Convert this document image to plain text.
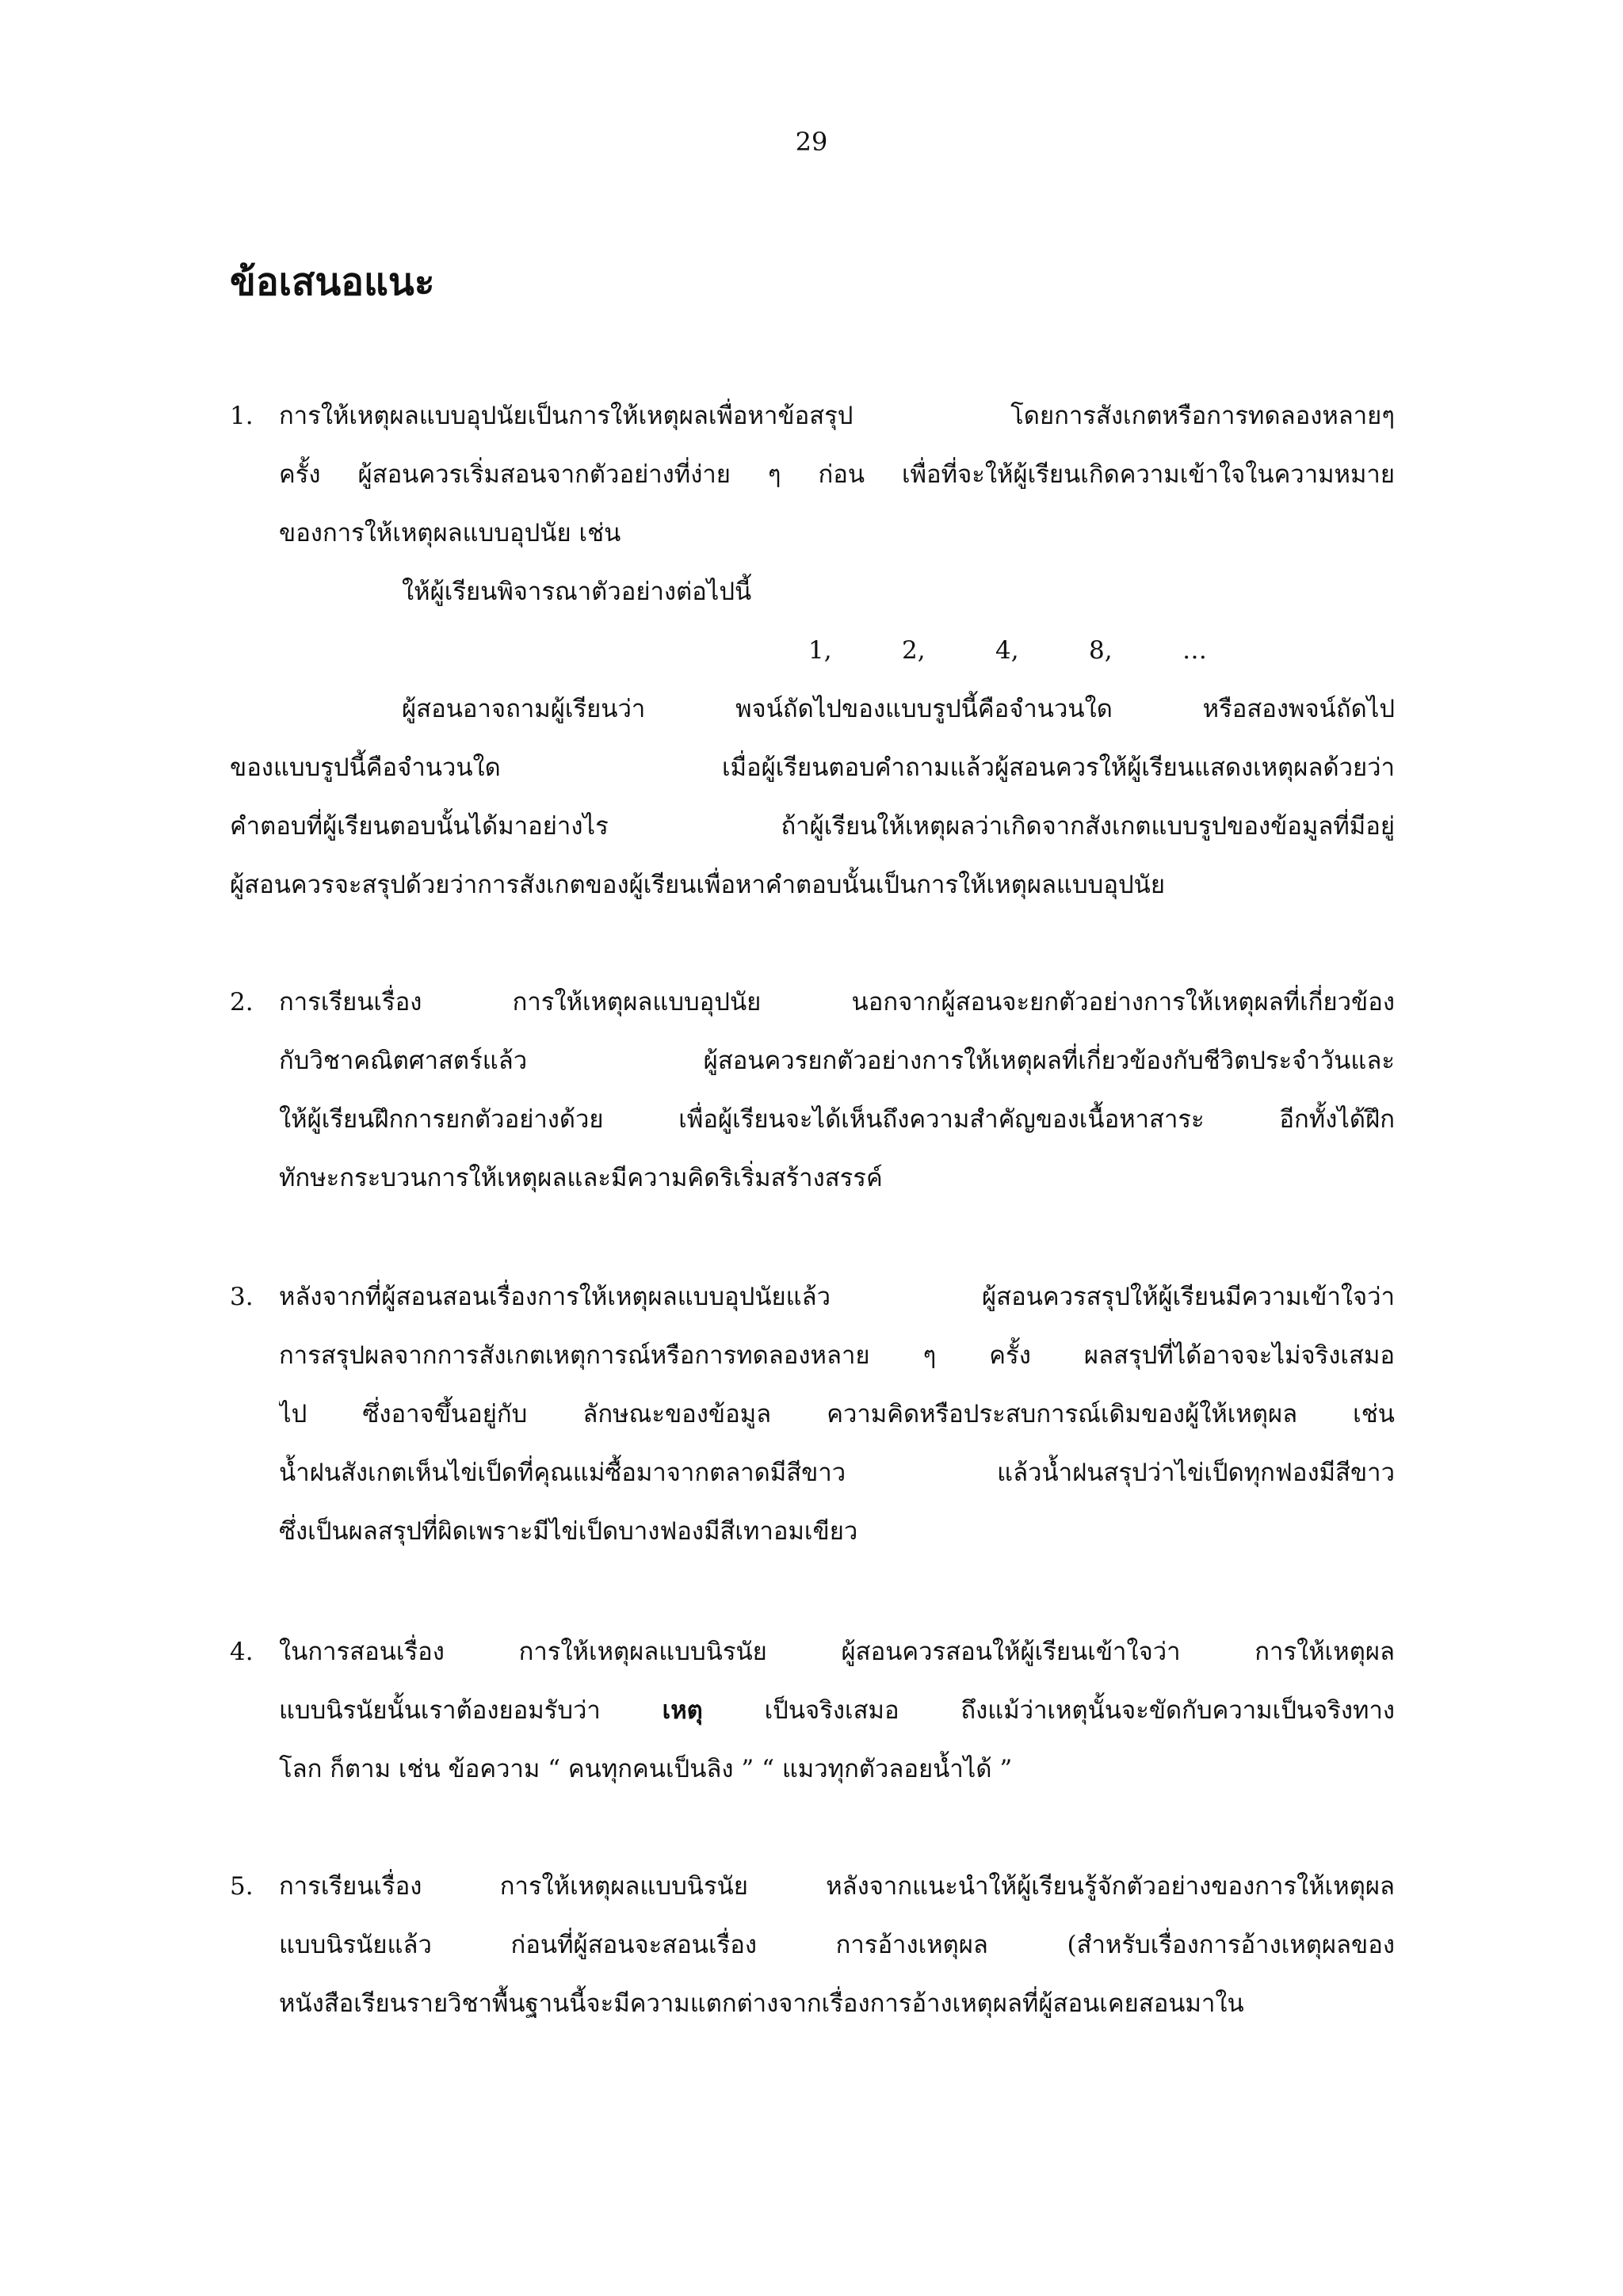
29
ข้อเสนอแนะ
1. การให้เหตุผลแบบอุปนัยเป็นการให้เหตุผลเพื่อหาข้อสรุป โดยการสังเกตหรือการทดลองหลายๆ
ครั้ง ผู้สอนควรเริ่มสอนจากตัวอย่างที่ง่าย ๆ ก่อน เพื่อที่จะให้ผู้เรียนเกิดความเข้าใจในความหมาย
ของการให้เหตุผลแบบอุปนัย เช่น
ให้ผู้เรียนพิจารณาตัวอย่างต่อไปนี้
1,	2,	4,	8,	…
ผู้สอนอาจถามผู้เรียนว่า พจน์ถัดไปของแบบรูปนี้คือจำนวนใด หรือสองพจน์ถัดไป
ของแบบรูปนี้คือจำนวนใด เมื่อผู้เรียนตอบคำถามแล้วผู้สอนควรให้ผู้เรียนแสดงเหตุผลด้วยว่า
คำตอบที่ผู้เรียนตอบนั้นได้มาอย่างไร ถ้าผู้เรียนให้เหตุผลว่าเกิดจากสังเกตแบบรูปของข้อมูลที่มีอยู่
ผู้สอนควรจะสรุปด้วยว่าการสังเกตของผู้เรียนเพื่อหาคำตอบนั้นเป็นการให้เหตุผลแบบอุปนัย
2. การเรียนเรื่อง การให้เหตุผลแบบอุปนัย นอกจากผู้สอนจะยกตัวอย่างการให้เหตุผลที่เกี่ยวข้อง
กับวิชาคณิตศาสตร์แล้ว ผู้สอนควรยกตัวอย่างการให้เหตุผลที่เกี่ยวข้องกับชีวิตประจำวันและ
ให้ผู้เรียนฝึกการยกตัวอย่างด้วย เพื่อผู้เรียนจะได้เห็นถึงความสำคัญของเนื้อหาสาระ อีกทั้งได้ฝึก
ทักษะกระบวนการให้เหตุผลและมีความคิดริเริ่มสร้างสรรค์
3. หลังจากที่ผู้สอนสอนเรื่องการให้เหตุผลแบบอุปนัยแล้ว ผู้สอนควรสรุปให้ผู้เรียนมีความเข้าใจว่า
การสรุปผลจากการสังเกตเหตุการณ์หรือการทดลองหลาย ๆ ครั้ง ผลสรุปที่ได้อาจจะไม่จริงเสมอ
ไป ซึ่งอาจขึ้นอยู่กับ ลักษณะของข้อมูล ความคิดหรือประสบการณ์เดิมของผู้ให้เหตุผล เช่น
น้ำฝนสังเกตเห็นไข่เป็ดที่คุณแม่ซื้อมาจากตลาดมีสีขาว แล้วน้ำฝนสรุปว่าไข่เป็ดทุกฟองมีสีขาว
ซึ่งเป็นผลสรุปที่ผิดเพราะมีไข่เป็ดบางฟองมีสีเทาอมเขียว
4. ในการสอนเรื่อง การให้เหตุผลแบบนิรนัย ผู้สอนควรสอนให้ผู้เรียนเข้าใจว่า การให้เหตุผล
แบบนิรนัยนั้นเราต้องยอมรับว่า เหตุ เป็นจริงเสมอ ถึงแม้ว่าเหตุนั้นจะขัดกับความเป็นจริงทาง
โลก ก็ตาม เช่น ข้อความ “ คนทุกคนเป็นลิง ” “ แมวทุกตัวลอยน้ำได้ ”
5. การเรียนเรื่อง การให้เหตุผลแบบนิรนัย หลังจากแนะนำให้ผู้เรียนรู้จักตัวอย่างของการให้เหตุผล
แบบนิรนัยแล้ว ก่อนที่ผู้สอนจะสอนเรื่อง การอ้างเหตุผล (สำหรับเรื่องการอ้างเหตุผลของ
หนังสือเรียนรายวิชาพื้นฐานนี้จะมีความแตกต่างจากเรื่องการอ้างเหตุผลที่ผู้สอนเคยสอนมาใน
